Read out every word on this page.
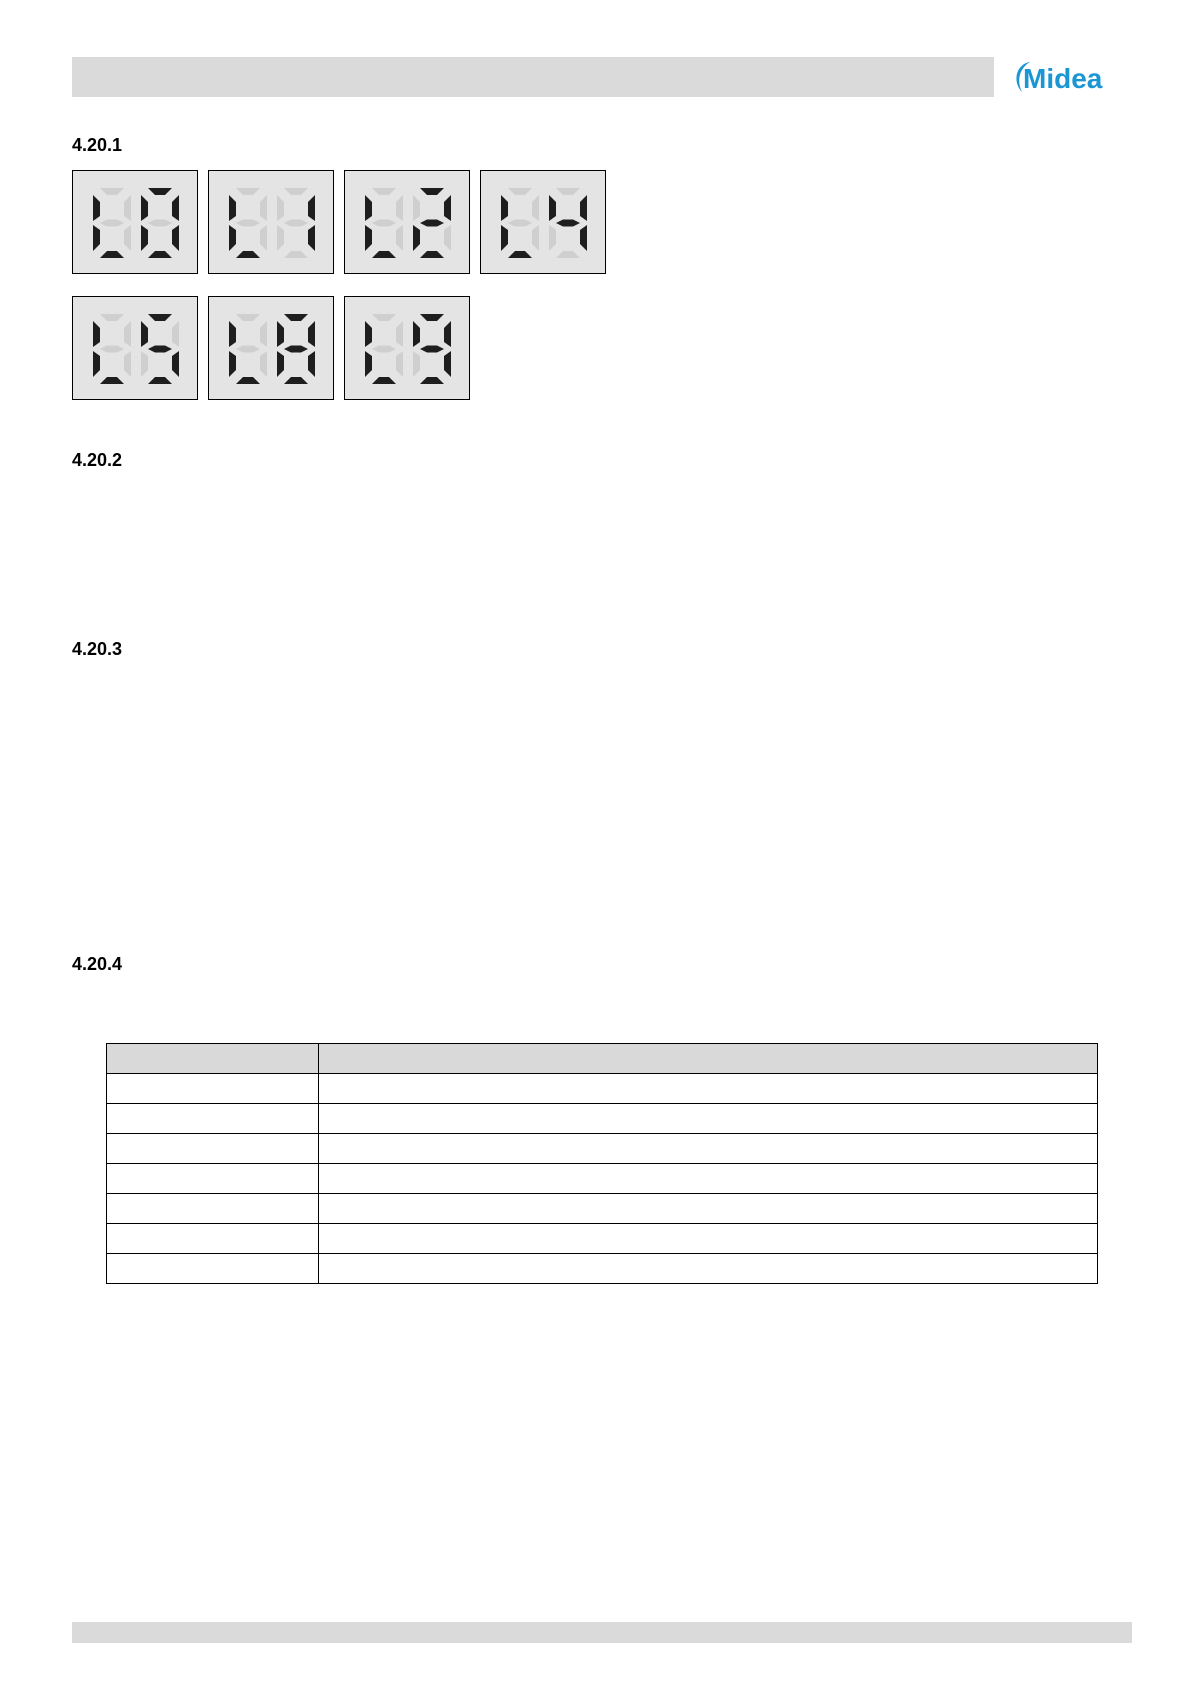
Midea
4.20.1
4.20.2
4.20.3
4.20.4
